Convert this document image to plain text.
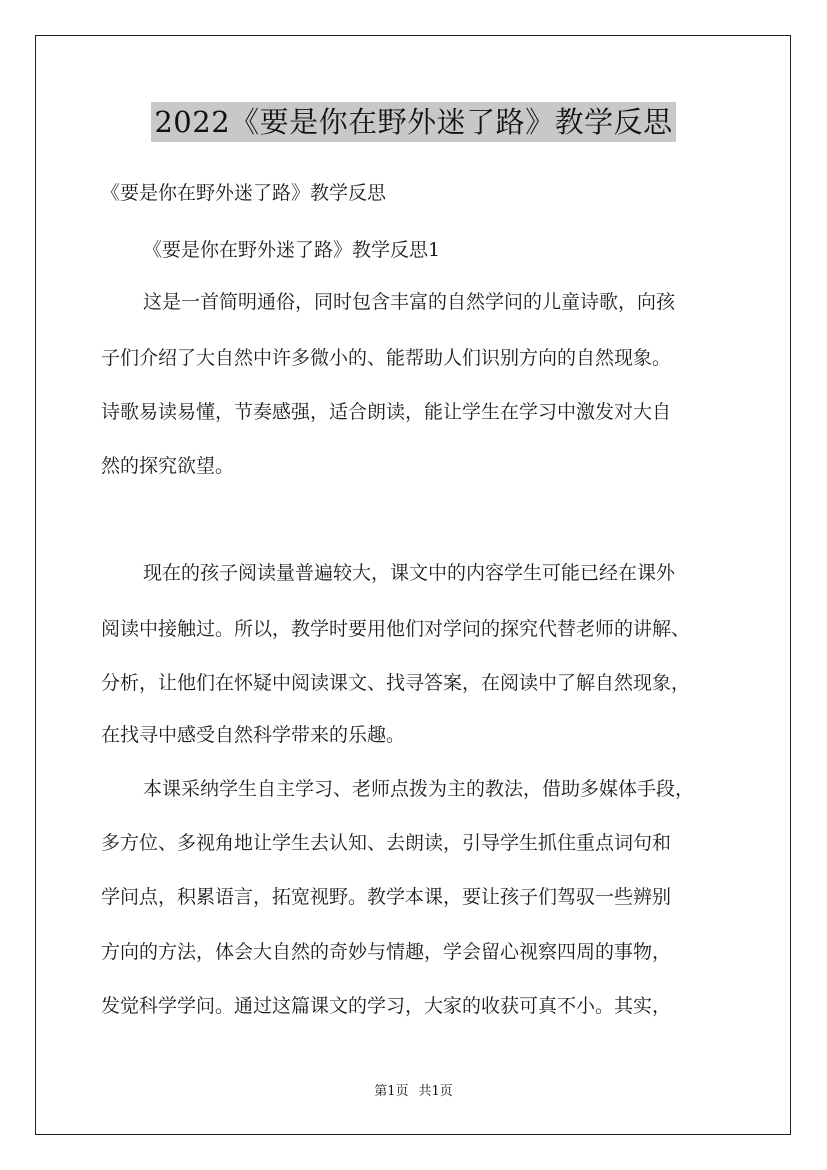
2022《要是你在野外迷了路》教学反思
《要是你在野外迷了路》教学反思
《要是你在野外迷了路》教学反思1
这是一首简明通俗，同时包含丰富的自然学问的儿童诗歌，向孩
子们介绍了大自然中许多微小的、能帮助人们识别方向的自然现象。
诗歌易读易懂，节奏感强，适合朗读，能让学生在学习中激发对大自
然的探究欲望。
现在的孩子阅读量普遍较大，课文中的内容学生可能已经在课外
阅读中接触过。所以，教学时要用他们对学问的探究代替老师的讲解、
分析，让他们在怀疑中阅读课文、找寻答案，在阅读中了解自然现象，
在找寻中感受自然科学带来的乐趣。
本课采纳学生自主学习、老师点拨为主的教法，借助多媒体手段，
多方位、多视角地让学生去认知、去朗读，引导学生抓住重点词句和
学问点，积累语言，拓宽视野。教学本课，要让孩子们驾驭一些辨别
方向的方法，体会大自然的奇妙与情趣，学会留心视察四周的事物，
发觉科学学问。通过这篇课文的学习，大家的收获可真不小。其实，
第1页 共1页
